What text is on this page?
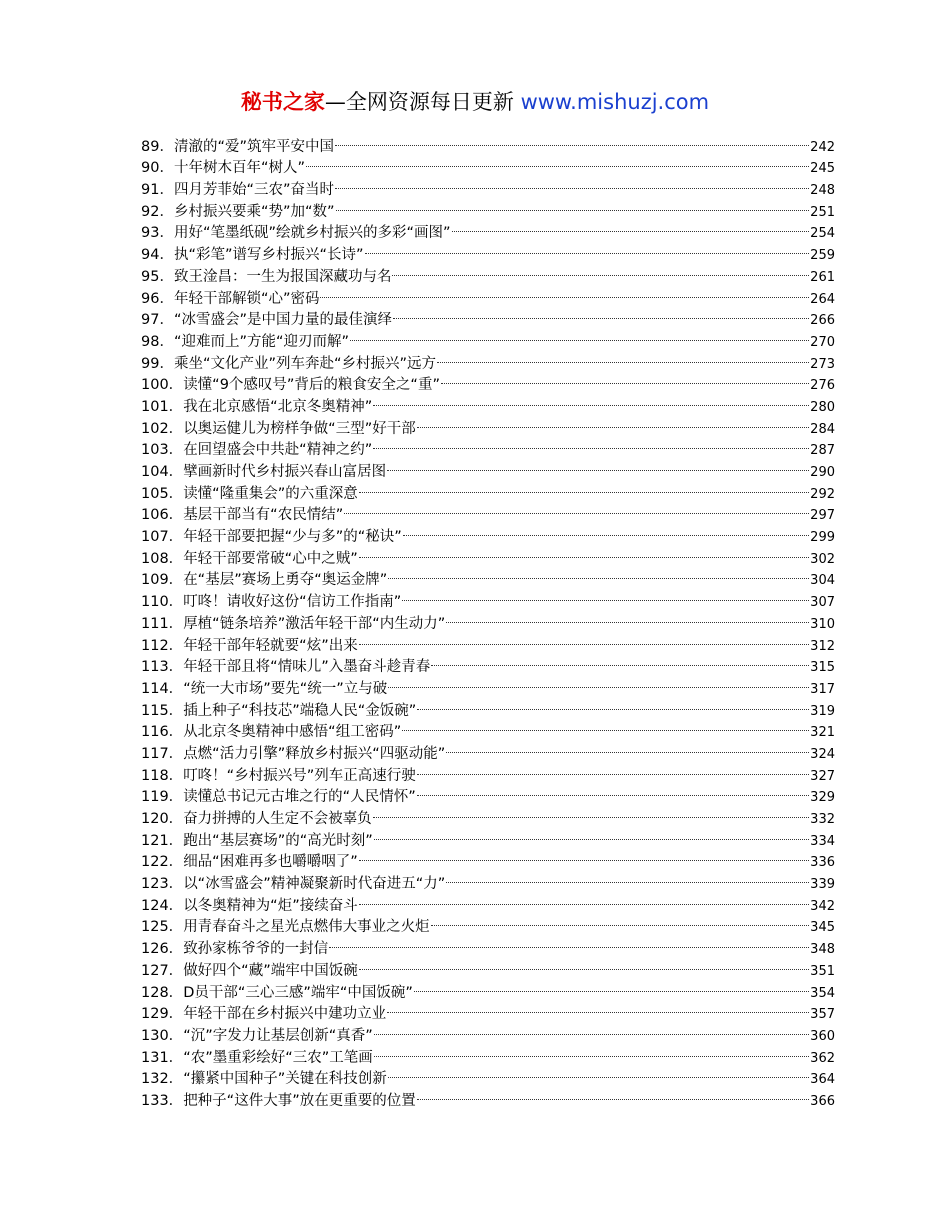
秘书之家—全网资源每日更新 www.mishuzj.com
89． 清澈的“爱”筑牢平安中国	242
90． 十年树木百年“树人”	245
91． 四月芳菲始“三农”奋当时	248
92． 乡村振兴要乘“势”加“数”	251
93． 用好“笔墨纸砚”绘就乡村振兴的多彩“画图”	254
94． 执“彩笔”谱写乡村振兴“长诗”	259
95． 致王淦昌：一生为报国深藏功与名	261
96． 年轻干部解锁“心”密码	264
97． “冰雪盛会”是中国力量的最佳演绎	266
98． “迎难而上”方能“迎刃而解”	270
99． 乘坐“文化产业”列车奔赴“乡村振兴”远方	273
100． 读懂“9个感叹号”背后的粮食安全之“重”	276
101． 我在北京感悟“北京冬奥精神”	280
102． 以奥运健儿为榜样争做“三型”好干部	284
103． 在回望盛会中共赴“精神之约”	287
104． 擘画新时代乡村振兴春山富居图	290
105． 读懂“隆重集会”的六重深意	292
106． 基层干部当有“农民情结”	297
107． 年轻干部要把握“少与多”的“秘诀”	299
108． 年轻干部要常破“心中之贼”	302
109． 在“基层”赛场上勇夺“奥运金牌”	304
110． 叮咚！请收好这份“信访工作指南”	307
111． 厚植“链条培养”激活年轻干部“内生动力”	310
112． 年轻干部年轻就要“炫”出来	312
113． 年轻干部且将“情味儿”入墨奋斗趁青春	315
114． “统一大市场”要先“统一”立与破	317
115． 插上种子“科技芯”端稳人民“金饭碗”	319
116． 从北京冬奥精神中感悟“组工密码”	321
117． 点燃“活力引擎”释放乡村振兴“四驱动能”	324
118． 叮咚！“乡村振兴号”列车正高速行驶	327
119． 读懂总书记元古堆之行的“人民情怀”	329
120． 奋力拼搏的人生定不会被辜负	332
121． 跑出“基层赛场”的“高光时刻”	334
122． 细品“困难再多也嚼嚼咽了”	336
123． 以“冰雪盛会”精神凝聚新时代奋进五“力”	339
124． 以冬奥精神为“炬”接续奋斗	342
125． 用青春奋斗之星光点燃伟大事业之火炬	345
126． 致孙家栋爷爷的一封信	348
127． 做好四个“藏”端牢中国饭碗	351
128． D员干部“三心三感”端牢“中国饭碗”	354
129． 年轻干部在乡村振兴中建功立业	357
130． “沉”字发力让基层创新“真香”	360
131． “农”墨重彩绘好“三农”工笔画	362
132． “攥紧中国种子”关键在科技创新	364
133． 把种子“这件大事”放在更重要的位置	366
